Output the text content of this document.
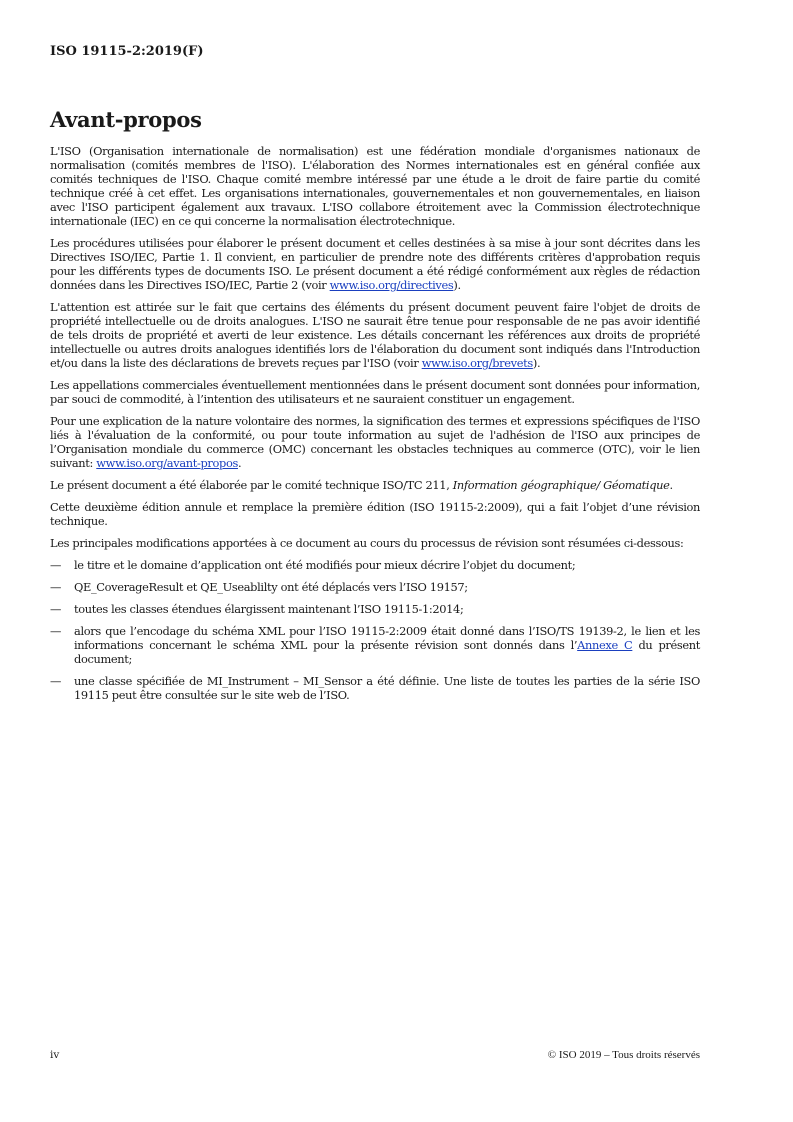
ISO 19115-2:2019(F)
Avant-propos

L'ISO (Organisation internationale de normalisation) est une fédération mondiale d'organismes nationaux de normalisation (comités membres de l'ISO). L'élaboration des Normes internationales est en général confiée aux comités techniques de l'ISO. Chaque comité membre intéressé par une étude a le droit de faire partie du comité technique créé à cet effet. Les organisations internationales, gouvernementales et non gouvernementales, en liaison avec l'ISO participent également aux travaux. L'ISO collabore étroitement avec la Commission électrotechnique internationale (IEC) en ce qui concerne la normalisation électrotechnique.

Les procédures utilisées pour élaborer le présent document et celles destinées à sa mise à jour sont décrites dans les Directives ISO/IEC, Partie 1. Il convient, en particulier de prendre note des différents critères d'approbation requis pour les différents types de documents ISO. Le présent document a été rédigé conformément aux règles de rédaction données dans les Directives ISO/IEC, Partie 2 (voir www.iso.org/directives).

L'attention est attirée sur le fait que certains des éléments du présent document peuvent faire l'objet de droits de propriété intellectuelle ou de droits analogues. L'ISO ne saurait être tenue pour responsable de ne pas avoir identifié de tels droits de propriété et averti de leur existence. Les détails concernant les références aux droits de propriété intellectuelle ou autres droits analogues identifiés lors de l'élaboration du document sont indiqués dans l'Introduction et/ou dans la liste des déclarations de brevets reçues par l'ISO (voir www.iso.org/brevets).

Les appellations commerciales éventuellement mentionnées dans le présent document sont données pour information, par souci de commodité, à l’intention des utilisateurs et ne sauraient constituer un engagement.

Pour une explication de la nature volontaire des normes, la signification des termes et expressions spécifiques de l'ISO liés à l'évaluation de la conformité, ou pour toute information au sujet de l'adhésion de l'ISO aux principes de l’Organisation mondiale du commerce (OMC) concernant les obstacles techniques au commerce (OTC), voir le lien suivant: www.iso.org/avant-propos.

Le présent document a été élaborée par le comité technique ISO/TC 211, Information géographique/ Géomatique.

Cette deuxième édition annule et remplace la première édition (ISO 19115-2:2009), qui a fait l’objet d’une révision technique.

Les principales modifications apportées à ce document au cours du processus de révision sont résumées ci-dessous:

—	le titre et le domaine d’application ont été modifiés pour mieux décrire l’objet du document;
—	QE_CoverageResult et QE_Useablilty ont été déplacés vers l’ISO 19157;
—	toutes les classes étendues élargissent maintenant l’ISO 19115-1:2014;
—	alors que l’encodage du schéma XML pour l’ISO 19115-2:2009 était donné dans l’ISO/TS 19139-2, le lien et les informations concernant le schéma XML pour la présente révision sont donnés dans l’Annexe C du présent document;
—	une classe spécifiée de MI_Instrument – MI_Sensor a été définie. Une liste de toutes les parties de la série ISO 19115 peut être consultée sur le site web de l’ISO.
iv	© ISO 2019 – Tous droits réservés
